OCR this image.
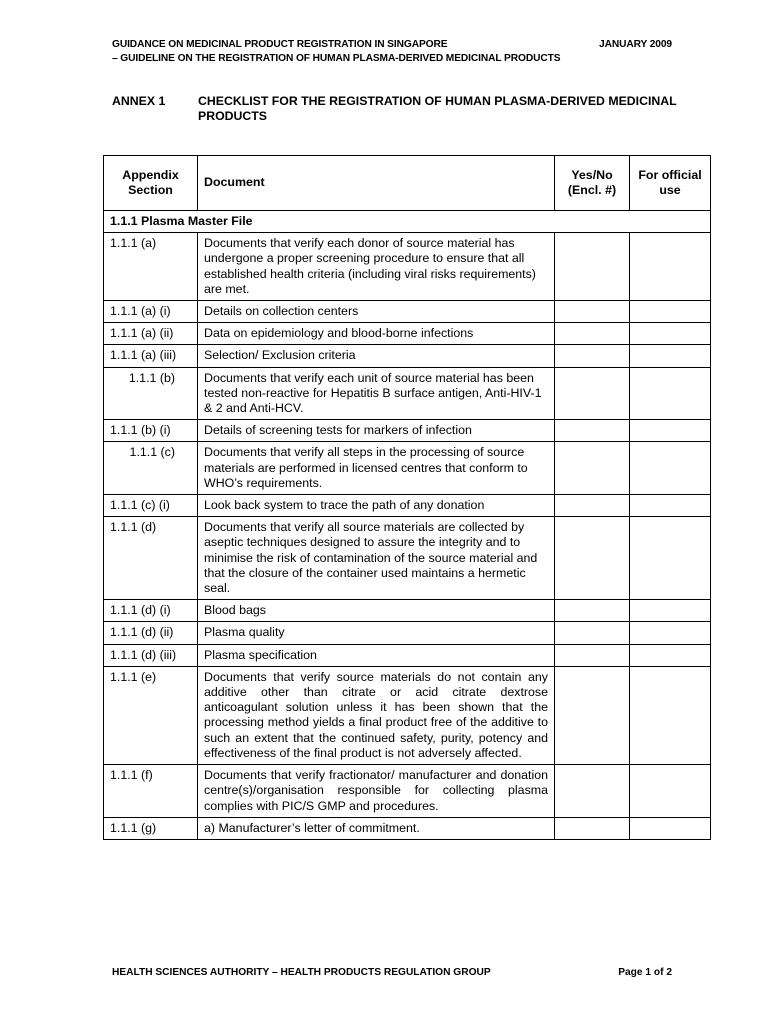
GUIDANCE ON MEDICINAL PRODUCT REGISTRATION IN SINGAPORE	JANUARY 2009
– GUIDELINE ON THE REGISTRATION OF HUMAN PLASMA-DERIVED MEDICINAL PRODUCTS
ANNEX 1	CHECKLIST FOR THE REGISTRATION OF HUMAN PLASMA-DERIVED MEDICINAL PRODUCTS
Appendix Section	Document	Yes/No (Encl. #)	For official use
1.1.1 Plasma Master File			
1.1.1 (a)	Documents that verify each donor of source material has undergone a proper screening procedure to ensure that all established health criteria (including viral risks requirements) are met.		
1.1.1 (a) (i)	Details on collection centers		
1.1.1 (a) (ii)	Data on epidemiology and blood-borne infections		
1.1.1 (a) (iii)	Selection/ Exclusion criteria		
1.1.1 (b)	Documents that verify each unit of source material has been tested non-reactive for Hepatitis B surface antigen, Anti-HIV-1 & 2 and Anti-HCV.		
1.1.1 (b) (i)	Details of screening tests for markers of infection		
1.1.1 (c)	Documents that verify all steps in the processing of source materials are performed in licensed centres that conform to WHO’s requirements.		
1.1.1 (c) (i)	Look back system to trace the path of any donation		
1.1.1 (d)	Documents that verify all source materials are collected by aseptic techniques designed to assure the integrity and to minimise the risk of contamination of the source material and that the closure of the container used maintains a hermetic seal.		
1.1.1 (d) (i)	Blood bags		
1.1.1 (d) (ii)	Plasma quality		
1.1.1 (d) (iii)	Plasma specification		
1.1.1 (e)	Documents that verify source materials do not contain any additive other than citrate or acid citrate dextrose anticoagulant solution unless it has been shown that the processing method yields a final product free of the additive to such an extent that the continued safety, purity, potency and effectiveness of the final product is not adversely affected.		
1.1.1 (f)	Documents that verify fractionator/ manufacturer and donation centre(s)/organisation responsible for collecting plasma complies with PIC/S GMP and procedures.		
1.1.1 (g)	a) Manufacturer’s letter of commitment.		
HEALTH SCIENCES AUTHORITY – HEALTH PRODUCTS REGULATION GROUP	Page 1 of 2
